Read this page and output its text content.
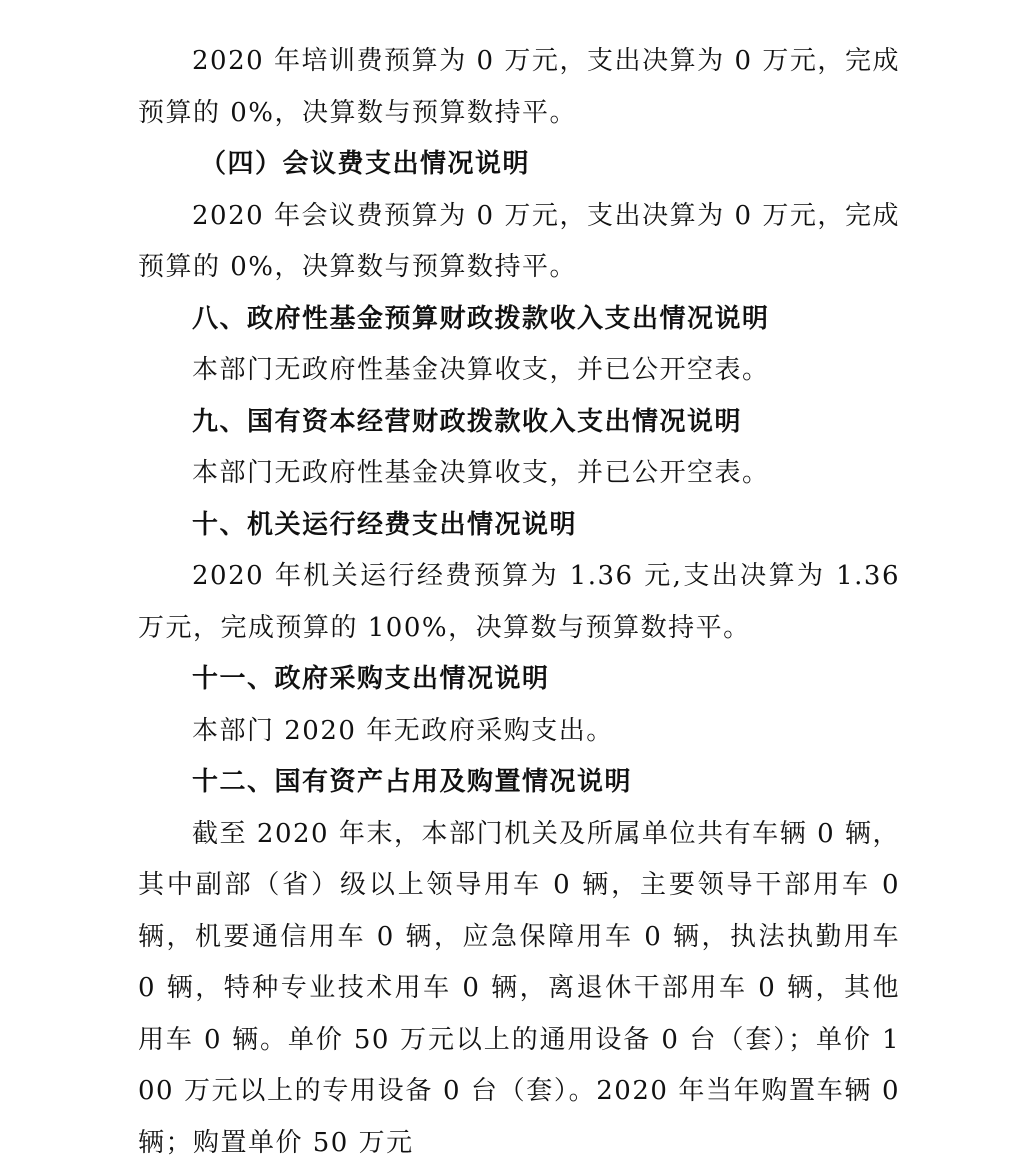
2020 年培训费预算为 0 万元，支出决算为 0 万元，完成预算的 0%，决算数与预算数持平。

（四）会议费支出情况说明

2020 年会议费预算为 0 万元，支出决算为 0 万元，完成预算的 0%，决算数与预算数持平。

八、政府性基金预算财政拨款收入支出情况说明

本部门无政府性基金决算收支，并已公开空表。

九、国有资本经营财政拨款收入支出情况说明

本部门无政府性基金决算收支，并已公开空表。

十、机关运行经费支出情况说明

2020 年机关运行经费预算为 1.36 元,支出决算为 1.36 万元，完成预算的 100%，决算数与预算数持平。

十一、政府采购支出情况说明

本部门 2020 年无政府采购支出。

十二、国有资产占用及购置情况说明

截至 2020 年末，本部门机关及所属单位共有车辆 0 辆，其中副部（省）级以上领导用车 0 辆，主要领导干部用车 0 辆，机要通信用车 0 辆，应急保障用车 0 辆，执法执勤用车 0 辆，特种专业技术用车 0 辆，离退休干部用车 0 辆，其他用车 0 辆。单价 50 万元以上的通用设备 0 台（套）；单价 100 万元以上的专用设备 0 台（套）。2020 年当年购置车辆 0 辆；购置单价 50 万元
